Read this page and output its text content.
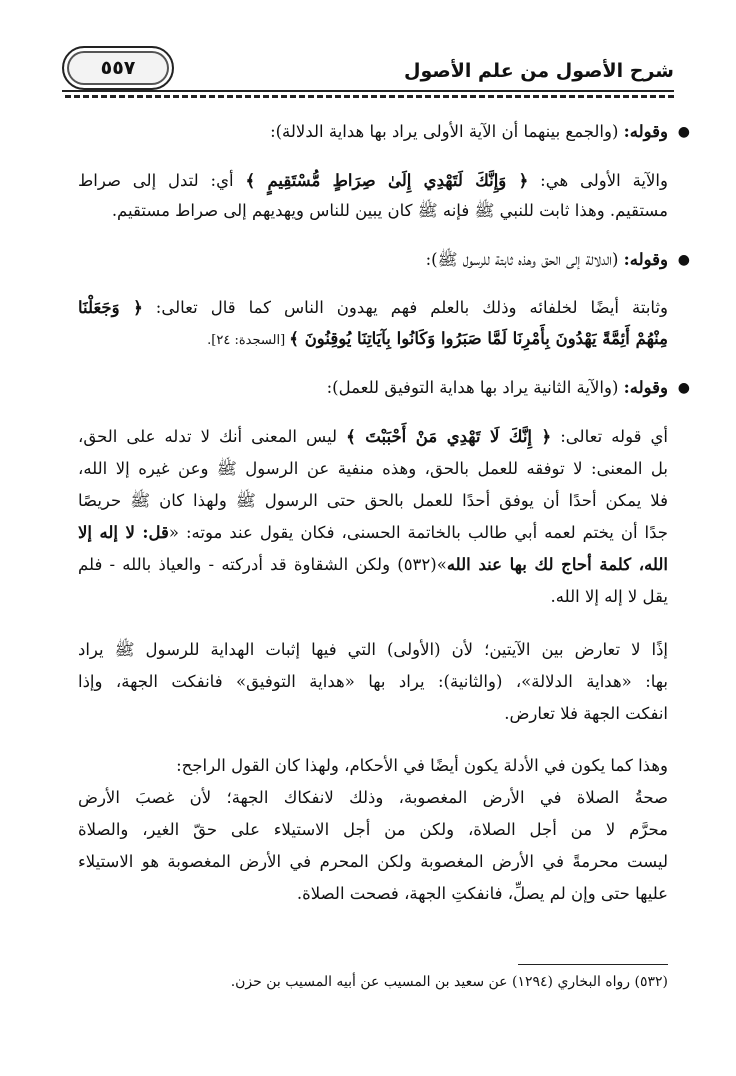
شرح الأصول من علم الأصول
٥٥٧
●
وقوله: (والجمع بينهما أن الآية الأولى يراد بها هداية الدلالة):
والآية الأولى هي: ﴿ وَإِنَّكَ لَتَهْدِي إِلَىٰ صِرَاطٍ مُّسْتَقِيمٍ ﴾ أي: لتدل إلى صراط
مستقيم. وهذا ثابت للنبي ﷺ فإنه ﷺ كان يبين للناس ويهديهم إلى صراط مستقيم.
●
وقوله: (الدلالة إلى الحق وهذه ثابتة للرسول ﷺ):
وثابتة أيضًا لخلفائه وذلك بالعلم فهم يهدون الناس كما قال تعالى: ﴿ وَجَعَلْنَا
مِنْهُمْ أَئِمَّةً يَهْدُونَ بِأَمْرِنَا لَمَّا صَبَرُوا وَكَانُوا بِآيَاتِنَا يُوقِنُونَ ﴾ [السجدة: ٢٤].
●
وقوله: (والآية الثانية يراد بها هداية التوفيق للعمل):
أي قوله تعالى: ﴿ إِنَّكَ لَا تَهْدِي مَنْ أَحْبَبْتَ ﴾ ليس المعنى أنك لا تدله على الحق،
بل المعنى: لا توفقه للعمل بالحق، وهذه منفية عن الرسول ﷺ وعن غيره إلا الله،
فلا يمكن أحدًا أن يوفق أحدًا للعمل بالحق حتى الرسول ﷺ ولهذا كان ﷺ حريصًا
جدًا أن يختم لعمه أبي طالب بالخاتمة الحسنى، فكان يقول عند موته: «قل: لا إله إلا
الله، كلمة أحاج لك بها عند الله»(٥٣٢) ولكن الشقاوة قد أدركته - والعياذ بالله - فلم
يقل لا إله إلا الله.
إذًا لا تعارض بين الآيتين؛ لأن (الأولى) التي فيها إثبات الهداية للرسول ﷺ يراد
بها: «هداية الدلالة»، (والثانية): يراد بها «هداية التوفيق» فانفكت الجهة، وإذا
انفكت الجهة فلا تعارض.
وهذا كما يكون في الأدلة يكون أيضًا في الأحكام، ولهذا كان القول الراجح:
صحةُ الصلاة في الأرض المغصوبة، وذلك لانفكاك الجهة؛ لأن غصبَ الأرض
محرَّم لا من أجل الصلاة، ولكن من أجل الاستيلاء على حقّ الغير، والصلاة
ليست محرمةً في الأرض المغصوبة ولكن المحرم في الأرض المغصوبة هو الاستيلاء
عليها حتى وإن لم يصلِّ، فانفكتِ الجهة، فصحت الصلاة.
(٥٣٢) رواه البخاري (١٢٩٤) عن سعيد بن المسيب عن أبيه المسيب بن حزن.
